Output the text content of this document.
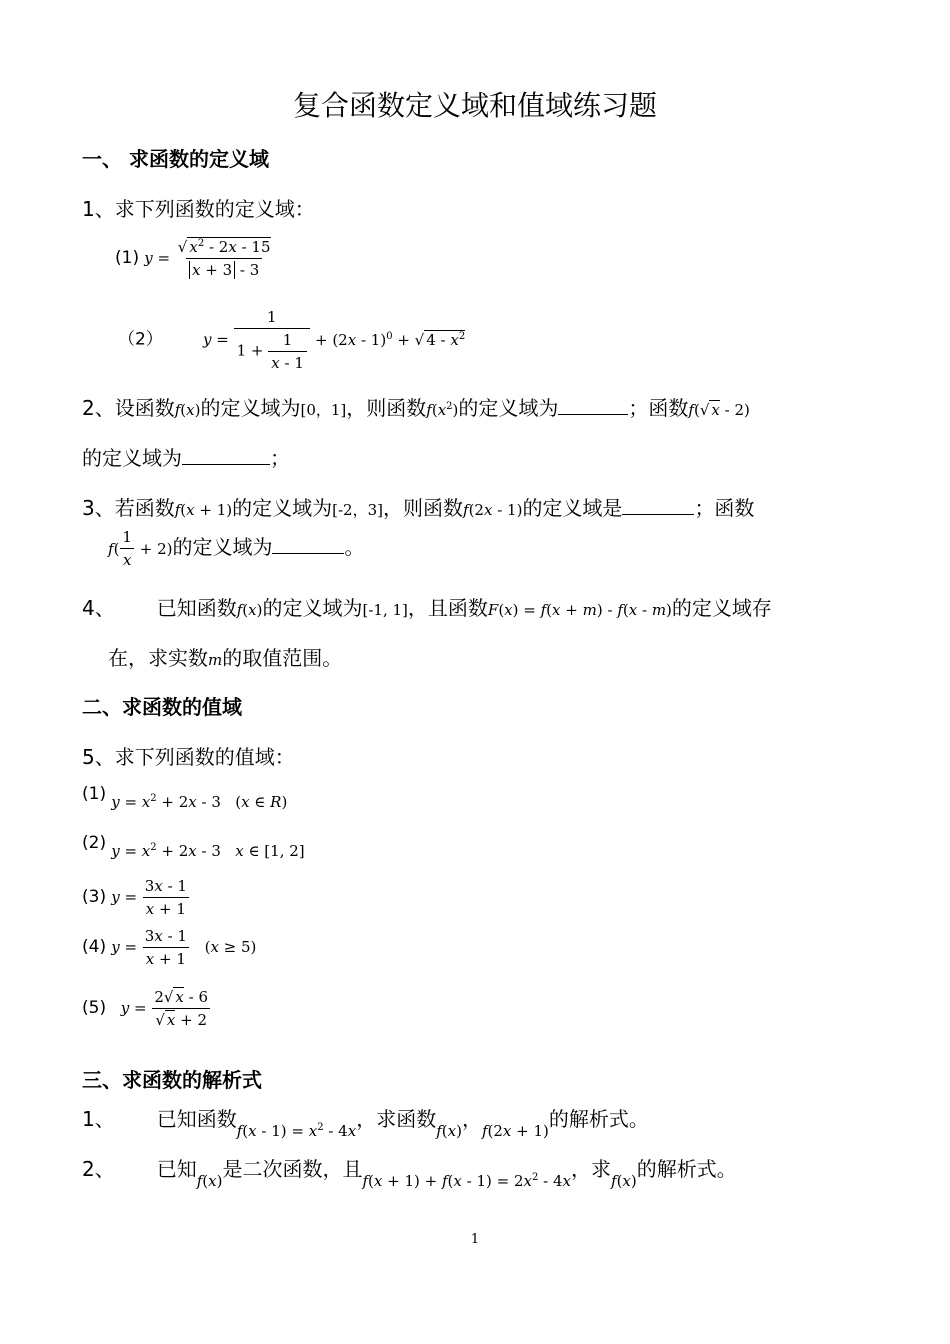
复合函数定义域和值域练习题
一、 求函数的定义域
1、求下列函数的定义域：
(1) $y = \frac{√ x^2 - 2x - 15}{x + 3 - 3}$
（2）	$y = \frac{1}{1 + \frac{1}{x - 1}} + (2x - 1)^0$ + √ $4 - x^2$
2、设函数f(x)的定义域为[0，1]，则函数$f(x^2)$的定义域为	；函数f(√ x - 2)
的定义域为	；
3、若函数f(x + 1)的定义域为[-2，3]，则函数f(2x - 1)的定义域是	；函数
$f( \frac{1}{x} + 2)$的定义域为	。
4、 已知函数f(x)的定义域为[-1, 1]，且函数F(x) = f(x + m) - f(x - m)的定义域存
在，求实数m的取值范围。
二、求函数的值域
5、求下列函数的值域：
(1) $y = x^2 + 2x - 3$   (x ∈ R)
(2) $y = x^2 + 2x - 3$   x ∈ [1, 2]
(3) $y = \frac{3x - 1}{x + 1}$
(4) $y = \frac{3x - 1}{x + 1} (x \ge 5)$
(5)   $y = \frac{2√ x - 6}{√ x + 2}$
三、求函数的解析式
1、 已知函数$_{f(x - 1) = x^2 - 4x}$，求函数$_{f(x)}$，$_{f(2x + 1)}$的解析式。
2、 已知$_{f(x)}$是二次函数，且$_{f(x + 1) + f(x - 1) = 2x^2 - 4x}$，求$_{f(x)}$的解析式。
1
